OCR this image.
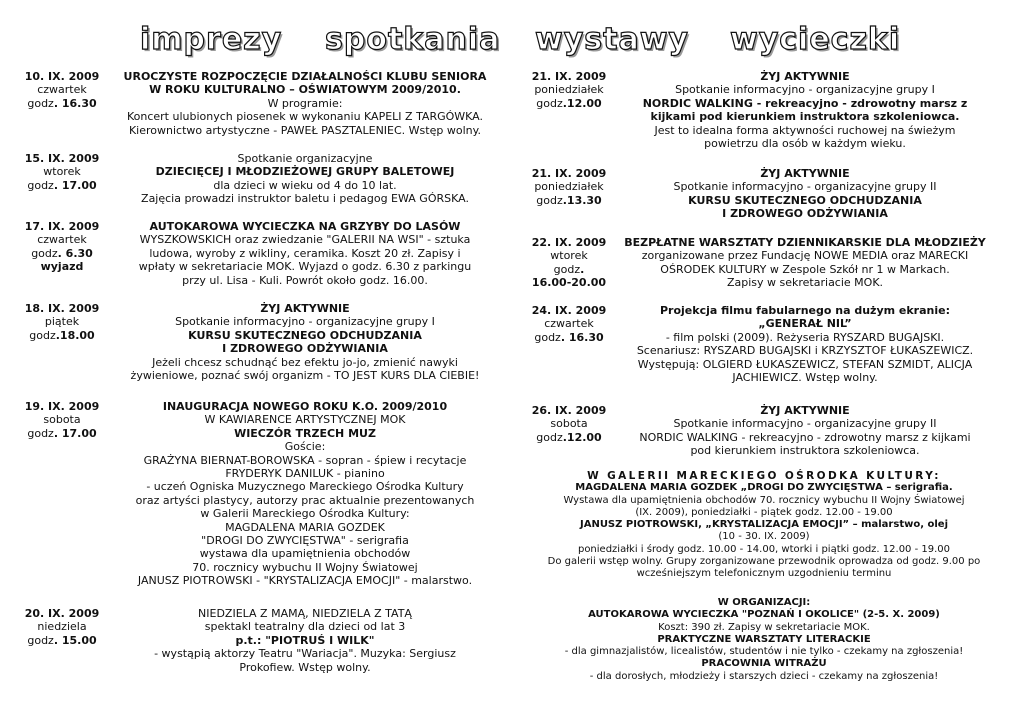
imprezy spotkania wystawy wycieczki
10. IX. 2009
czwartek
godz. 16.30
UROCZYSTE ROZPOCZĘCIE DZIAŁALNOŚCI KLUBU SENIORA
W ROKU KULTURALNO – OŚWIATOWYM 2009/2010.
W programie:
Koncert ulubionych piosenek w wykonaniu KAPELI Z TARGÓWKA.
Kierownictwo artystyczne - PAWEŁ PASZTALENIEC. Wstęp wolny.
15. IX. 2009
wtorek
godz. 17.00
Spotkanie organizacyjne
DZIECIĘCEJ I MŁODZIEŻOWEJ GRUPY BALETOWEJ
dla dzieci w wieku od 4 do 10 lat.
Zajęcia prowadzi instruktor baletu i pedagog EWA GÓRSKA.
17. IX. 2009
czwartek
godz. 6.30
wyjazd
AUTOKAROWA WYCIECZKA NA GRZYBY DO LASÓW
WYSZKOWSKICH oraz zwiedzanie "GALERII NA WSI" - sztuka
ludowa, wyroby z wikliny, ceramika. Koszt 20 zł. Zapisy i
wpłaty w sekretariacie MOK. Wyjazd o godz. 6.30 z parkingu
przy ul. Lisa - Kuli. Powrót około godz. 16.00.
18. IX. 2009
piątek
godz.18.00
ŻYJ AKTYWNIE
Spotkanie informacyjno - organizacyjne grupy I
KURSU SKUTECZNEGO ODCHUDZANIA
I ZDROWEGO ODŻYWIANIA
Jeżeli chcesz schudnąć bez efektu jo-jo, zmienić nawyki
żywieniowe, poznać swój organizm - TO JEST KURS DLA CIEBIE!
19. IX. 2009
sobota
godz. 17.00
INAUGURACJA NOWEGO ROKU K.O. 2009/2010
W KAWIARENCE ARTYSTYCZNEJ MOK
WIECZÓR TRZECH MUZ
Goście:
GRAŻYNA BIERNAT-BOROWSKA - sopran - śpiew i recytacje
FRYDERYK DANILUK - pianino
- uczeń Ogniska Muzycznego Mareckiego Ośrodka Kultury
oraz artyści plastycy, autorzy prac aktualnie prezentowanych
w Galerii Mareckiego Ośrodka Kultury:
MAGDALENA MARIA GOZDEK
"DROGI DO ZWYCIĘSTWA" - serigrafia
wystawa dla upamiętnienia obchodów
70. rocznicy wybuchu II Wojny Światowej
JANUSZ PIOTROWSKI - "KRYSTALIZACJA EMOCJI" - malarstwo.
20. IX. 2009
niedziela
godz. 15.00
NIEDZIELA Z MAMĄ, NIEDZIELA Z TATĄ
spektakl teatralny dla dzieci od lat 3
p.t.: "PIOTRUŚ I WILK"
- wystąpią aktorzy Teatru "Wariacja". Muzyka: Sergiusz
Prokofiew. Wstęp wolny.
21. IX. 2009
poniedziałek
godz.12.00
ŻYJ AKTYWNIE
Spotkanie informacyjno - organizacyjne grupy I
NORDIC WALKING - rekreacyjno - zdrowotny marsz z
kijkami pod kierunkiem instruktora szkoleniowca.
Jest to idealna forma aktywności ruchowej na świeżym
powietrzu dla osób w każdym wieku.
21. IX. 2009
poniedziałek
godz.13.30
ŻYJ AKTYWNIE
Spotkanie informacyjno - organizacyjne grupy II
KURSU SKUTECZNEGO ODCHUDZANIA
I ZDROWEGO ODŻYWIANIA
22. IX. 2009
wtorek
godz.
16.00-20.00
BEZPŁATNE WARSZTATY DZIENNIKARSKIE DLA MŁODZIEŻY
zorganizowane przez Fundację NOWE MEDIA oraz MARECKI
OŚRODEK KULTURY w Zespole Szkół nr 1 w Markach.
Zapisy w sekretariacie MOK.
24. IX. 2009
czwartek
godz. 16.30
Projekcja filmu fabularnego na dużym ekranie:
„GENERAŁ NIL”
- film polski (2009). Reżyseria RYSZARD BUGAJSKI.
Scenariusz: RYSZARD BUGAJSKI i KRZYSZTOF ŁUKASZEWICZ.
Występują: OLGIERD ŁUKASZEWICZ, STEFAN SZMIDT, ALICJA
JACHIEWICZ. Wstęp wolny.
26. IX. 2009
sobota
godz.12.00
ŻYJ AKTYWNIE
Spotkanie informacyjno - organizacyjne grupy II
NORDIC WALKING - rekreacyjno - zdrowotny marsz z kijkami
pod kierunkiem instruktora szkoleniowca.
W GALERII MARECKIEGO OŚRODKA KULTURY:
MAGDALENA MARIA GOZDEK „DROGI DO ZWYCIĘSTWA – serigrafia.
Wystawa dla upamiętnienia obchodów 70. rocznicy wybuchu II Wojny Światowej
(IX. 2009), poniedziałki - piątek godz. 12.00 - 19.00
JANUSZ PIOTROWSKI, „KRYSTALIZACJA EMOCJI” – malarstwo, olej
(10 - 30. IX. 2009)
poniedziałki i środy godz. 10.00 - 14.00, wtorki i piątki godz. 12.00 - 19.00
Do galerii wstęp wolny. Grupy zorganizowane przewodnik oprowadza od godz. 9.00 po
wcześniejszym telefonicznym uzgodnieniu terminu
W ORGANIZACJI:
AUTOKAROWA WYCIECZKA "POZNAŃ I OKOLICE" (2-5. X. 2009)
Koszt: 390 zł. Zapisy w sekretariacie MOK.
PRAKTYCZNE WARSZTATY LITERACKIE
- dla gimnazjalistów, licealistów, studentów i nie tylko - czekamy na zgłoszenia!
PRACOWNIA WITRAŻU
- dla dorosłych, młodzieży i starszych dzieci - czekamy na zgłoszenia!
